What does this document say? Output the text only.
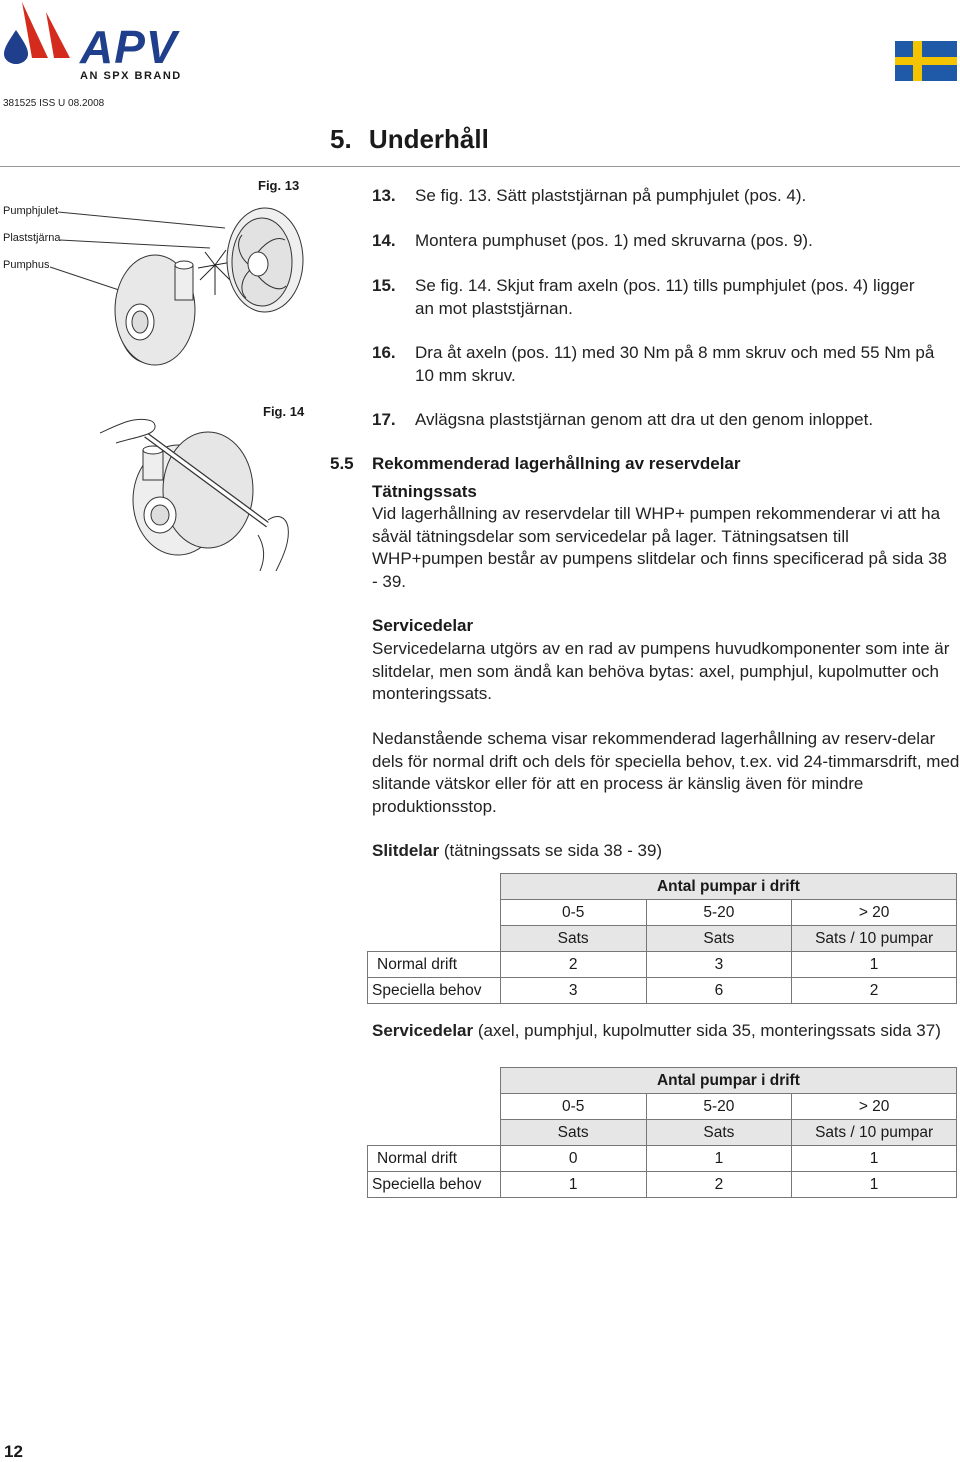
APV
AN SPX BRAND
381525 ISS U 08.2008
5. Underhåll
Fig. 13
Pumphjulet
Plaststjärna
Pumphus
Fig. 14
13. Se fig. 13. Sätt plaststjärnan på pumphjulet (pos. 4).
14. Montera pumphuset (pos. 1) med skruvarna (pos. 9).
15. Se fig. 14. Skjut fram axeln (pos. 11) tills pumphjulet (pos. 4) ligger an mot plaststjärnan.
16. Dra åt axeln (pos. 11) med 30 Nm på 8 mm skruv och med 55 Nm på 10 mm skruv.
17. Avlägsna plaststjärnan genom att dra ut den genom inloppet.
5.5 Rekommenderad lagerhållning av reservdelar
Tätningssats
Vid lagerhållning av reservdelar till WHP+ pumpen rekommenderar vi att ha såväl tätningsdelar som servicedelar på lager. Tätningsatsen till WHP+pumpen består av pumpens slitdelar och finns specificerad på sida 38 - 39.
Servicedelar
Servicedelarna utgörs av en rad av pumpens huvudkomponenter som inte är slitdelar, men som ändå kan behöva bytas: axel, pumphjul, kupolmutter och monteringssats.
Nedanstående schema visar rekommenderad lagerhållning av reserv-delar dels för normal drift och dels för speciella behov, t.ex. vid 24-timmarsdrift, med slitande vätskor eller för att en process är känslig även för mindre produktionsstop.
Slitdelar (tätningssats se sida 38 - 39)
	Antal pumpar i drift		
	0-5	5-20	> 20
	Sats	Sats	Sats / 10 pumpar
Normal drift	2	3	1
Speciella behov	3	6	2
Servicedelar (axel, pumphjul, kupolmutter sida 35, monteringssats sida 37)
	Antal pumpar i drift		
	0-5	5-20	> 20
	Sats	Sats	Sats / 10 pumpar
Normal drift	0	1	1
Speciella behov	1	2	1
12
